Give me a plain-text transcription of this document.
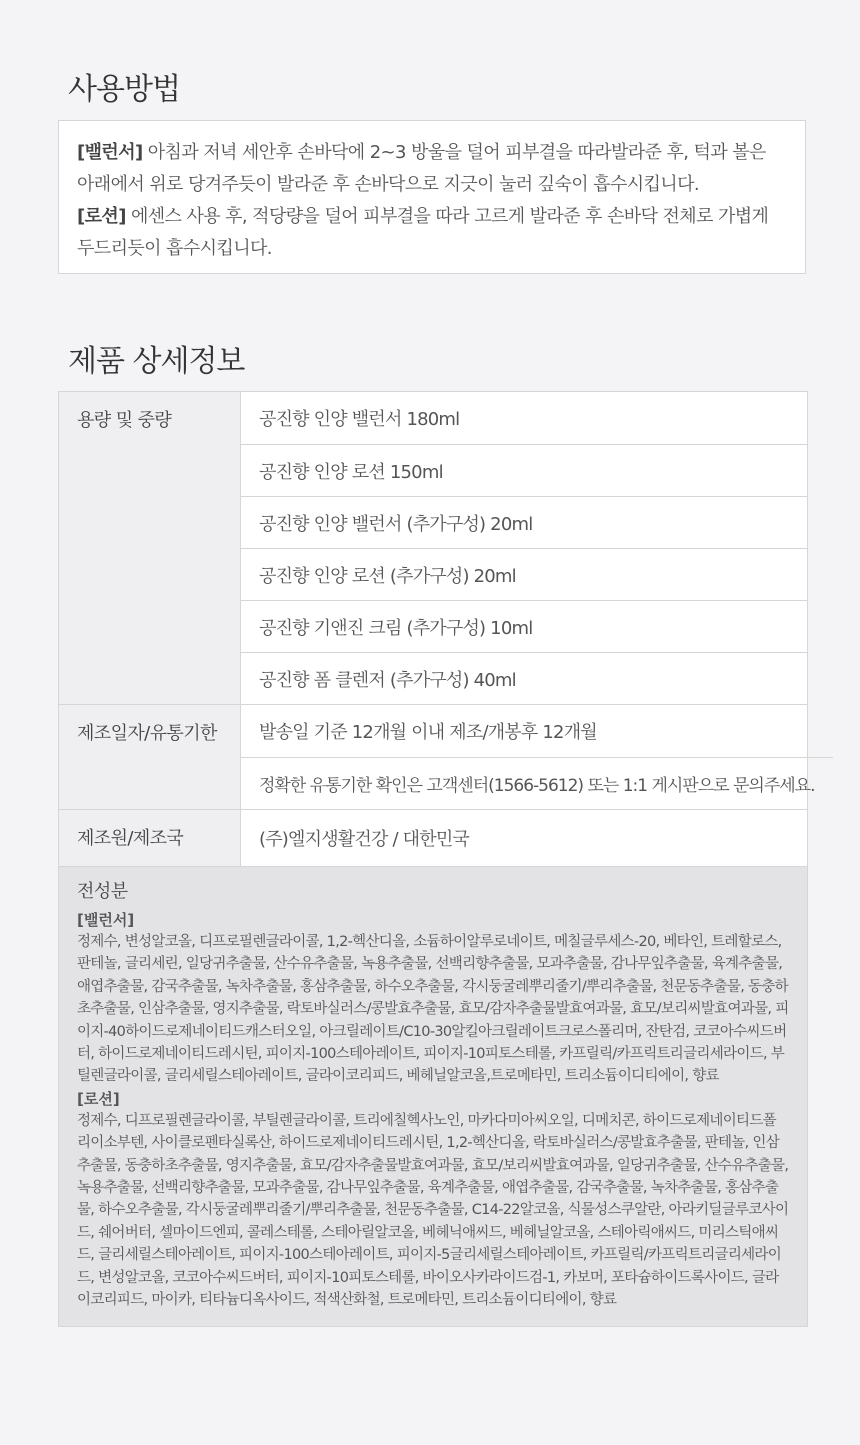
사용방법

[밸런서] 아침과 저녁 세안후 손바닥에 2~3 방울을 덜어 피부결을 따라발라준 후, 턱과 볼은 아래에서 위로 당겨주듯이 발라준 후 손바닥으로 지긋이 눌러 깊숙이 흡수시킵니다.

[로션] 에센스 사용 후, 적당량을 덜어 피부결을 따라 고르게 발라준 후 손바닥 전체로 가볍게 두드리듯이 흡수시킵니다.

제품 상세정보
용량 및 중량	공진향 인양 밸런서 180ml
공진향 인양 로션 150ml
공진향 인양 밸런서 (추가구성) 20ml
공진향 인양 로션 (추가구성) 20ml
공진향 기앤진 크림 (추가구성) 10ml
공진향 폼 클렌저 (추가구성) 40ml
제조일자/유통기한	발송일 기준 12개월 이내 제조/개봉후 12개월
정확한 유통기한 확인은 고객센터(1566-5612) 또는 1:1 게시판으로 문의주세요.
제조원/제조국	(주)엘지생활건강 / 대한민국
전성분
[밸런서]
정제수, 변성알코올, 디프로필렌글라이콜, 1,2-헥산디올, 소듐하이알루로네이트, 메칠글루세스-20, 베타인, 트레할로스, 판테놀, 글리세린, 일당귀추출물, 산수유추출물, 녹용추출물, 선백리향추출물, 모과추출물, 감나무잎추출물, 육계추출물, 애엽추출물, 감국추출물, 녹차추출물, 홍삼추출물, 하수오추출물, 각시둥굴레뿌리줄기/뿌리추출물, 천문동추출물, 동충하초추출물, 인삼추출물, 영지추출물, 락토바실러스/콩발효추출물, 효모/감자추출물발효여과물, 효모/보리씨발효여과물, 피이지-40하이드로제네이티드캐스터오일, 아크릴레이트/C10-30알킬아크릴레이트크로스폴리머, 잔탄검, 코코아수씨드버터, 하이드로제네이티드레시틴, 피이지-100스테아레이트, 피이지-10피토스테롤, 카프릴릭/카프릭트리글리세라이드, 부틸렌글라이콜, 글리세릴스테아레이트, 글라이코리피드, 베헤닐알코올,트로메타민, 트리소듐이디티에이, 향료
[로션]
정제수, 디프로필렌글라이콜, 부틸렌글라이콜, 트리에칠헥사노인, 마카다미아씨오일, 디메치콘, 하이드로제네이티드폴리이소부텐, 사이클로펜타실록산, 하이드로제네이티드레시틴, 1,2-헥산디올, 락토바실러스/콩발효추출물, 판테놀, 인삼추출물, 동충하초추출물, 영지추출물, 효모/감자추출물발효여과물, 효모/보리씨발효여과물, 일당귀추출물, 산수유추출물, 녹용추출물, 선백리향추출물, 모과추출물, 감나무잎추출물, 육계추출물, 애엽추출물, 감국추출물, 녹차추출물, 홍삼추출물, 하수오추출물, 각시둥굴레뿌리줄기/뿌리추출물, 천문동추출물, C14-22알코올, 식물성스쿠알란, 아라키딜글루코사이드, 쉐어버터, 셀마이드엔피, 콜레스테롤, 스테아릴알코올, 베헤닉애씨드, 베헤닐알코올, 스테아릭애씨드, 미리스틱애씨드, 글리세릴스테아레이트, 피이지-100스테아레이트, 피이지-5글리세릴스테아레이트, 카프릴릭/카프릭트리글리세라이드, 변성알코올, 코코아수씨드버터, 피이지-10피토스테롤, 바이오사카라이드검-1, 카보머, 포타슘하이드록사이드, 글라이코리피드, 마이카, 티타늄디옥사이드, 적색산화철, 트로메타민, 트리소듐이디티에이, 향료
